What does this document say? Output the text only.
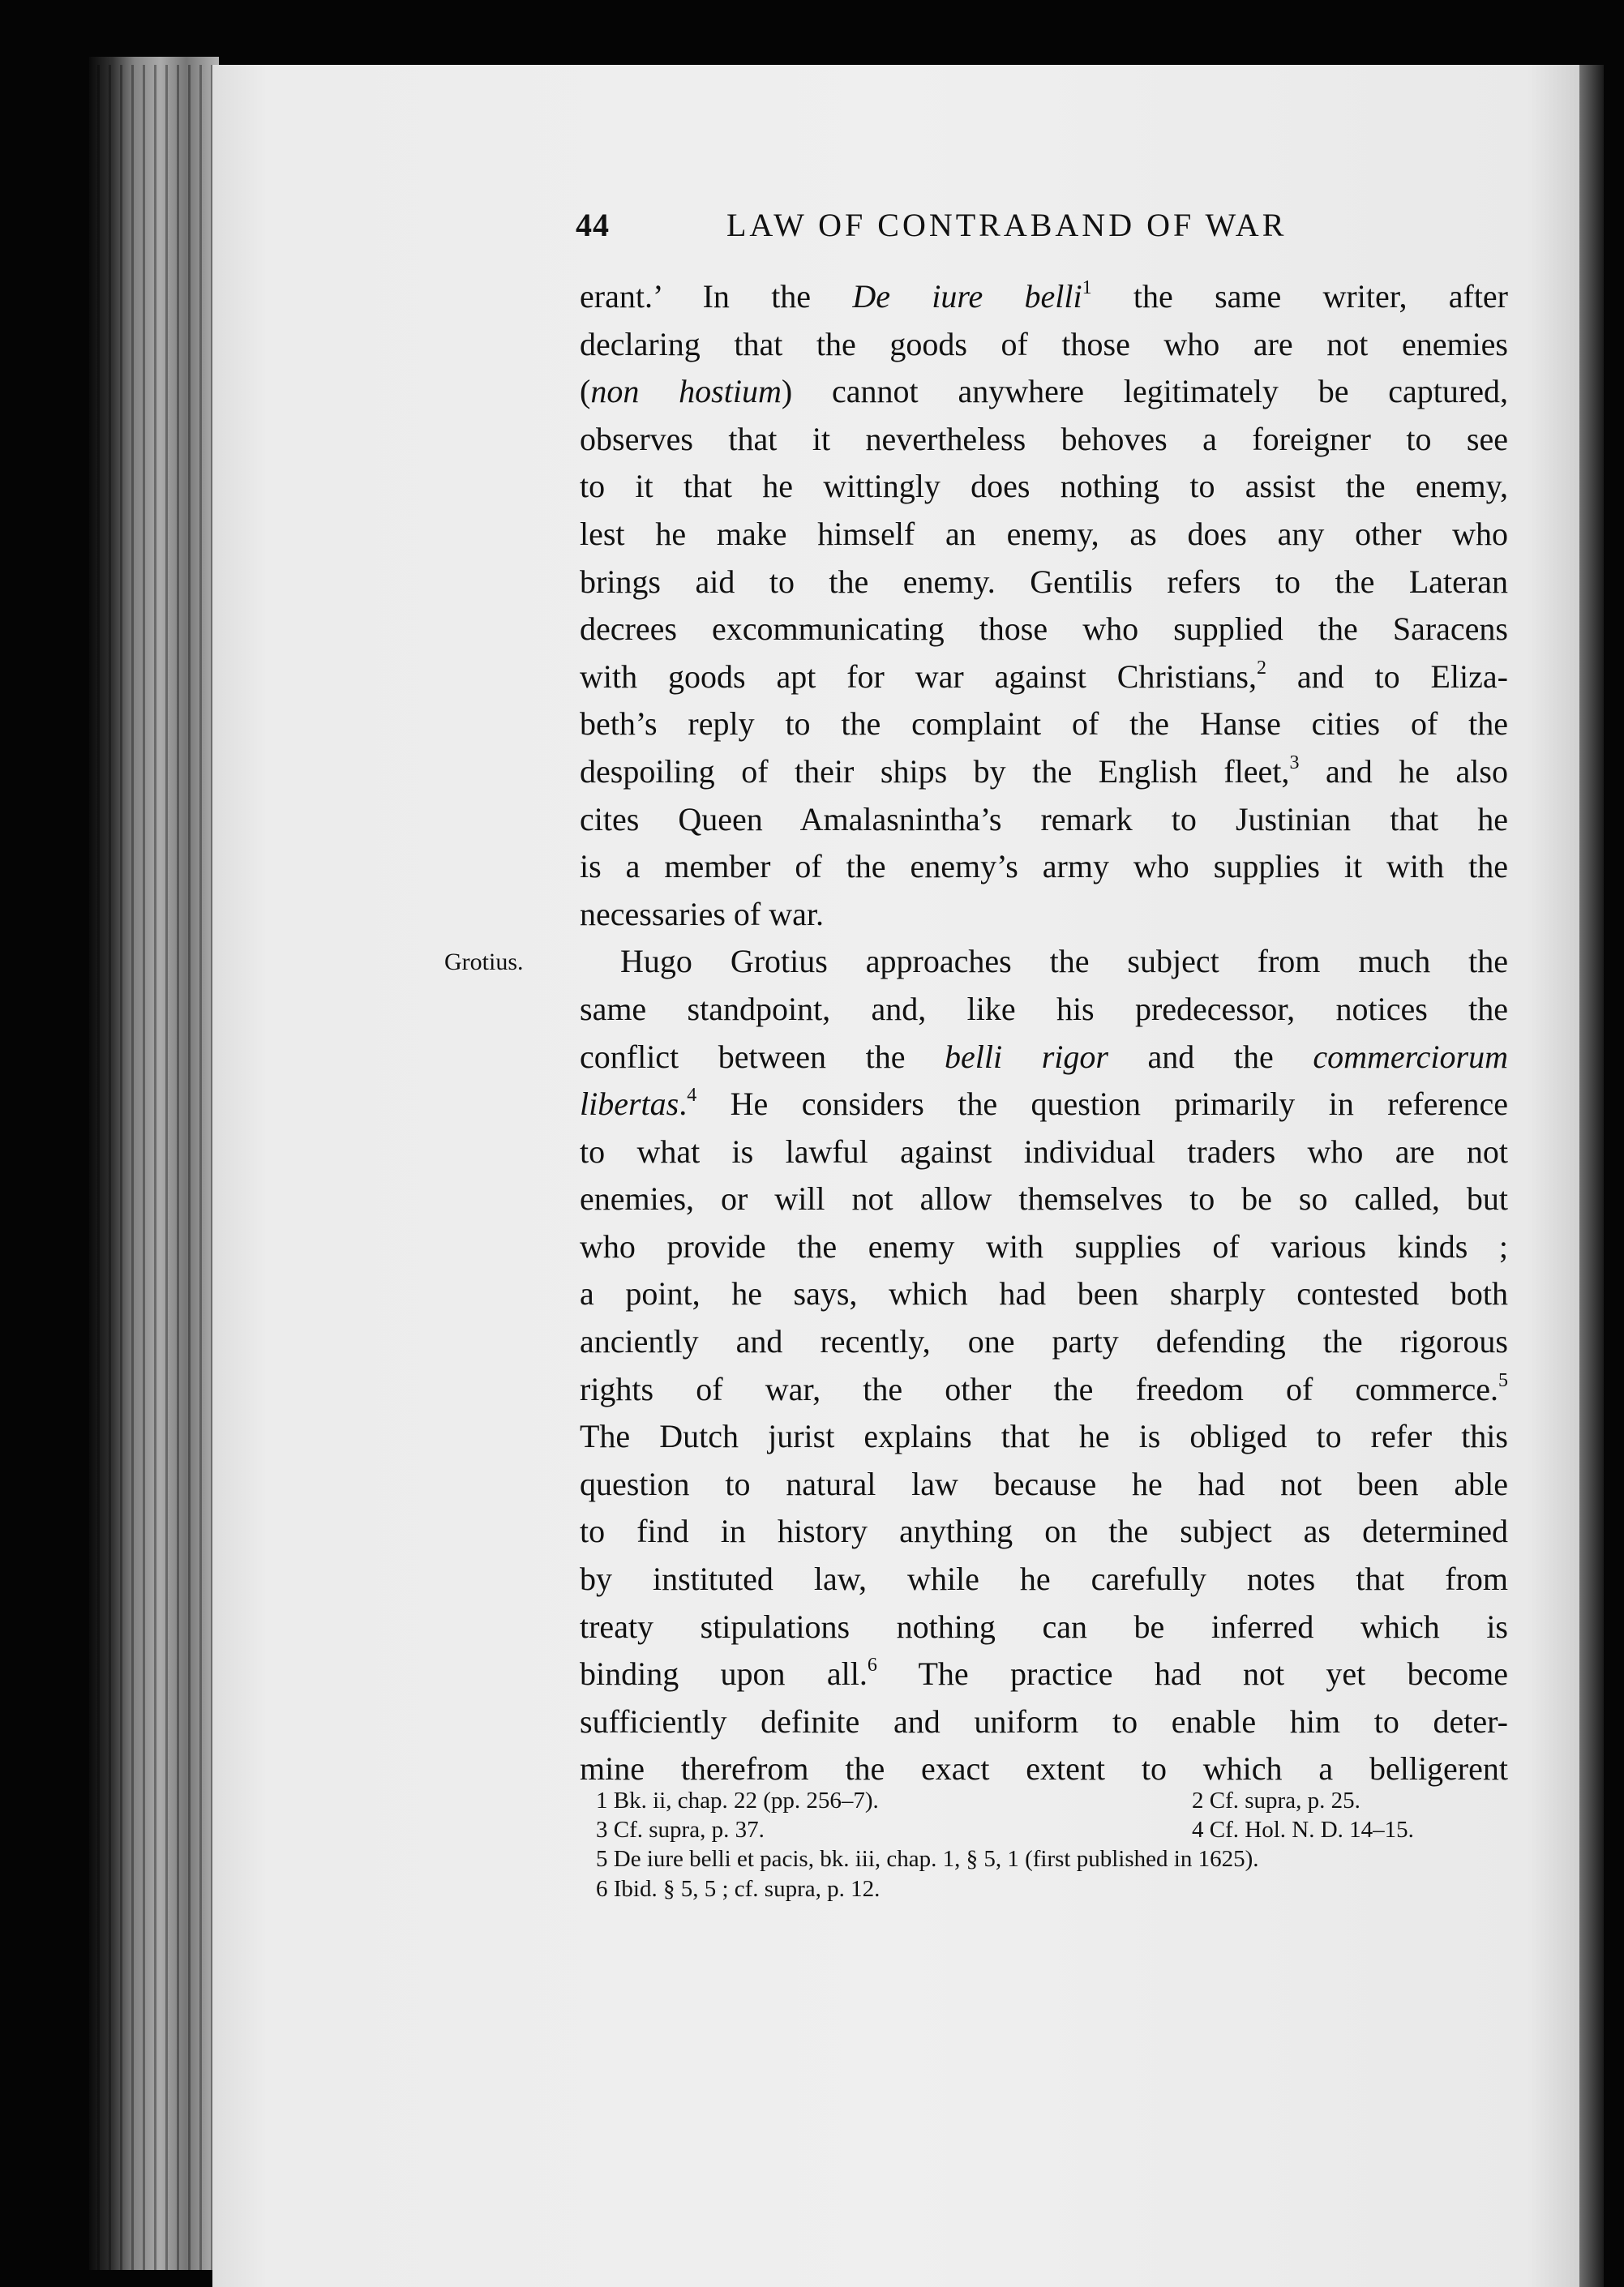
44	LAW OF CONTRABAND OF WAR
Grotius.
erant.’ In the De iure belli$^1$ the same writer, after
declaring that the goods of those who are not enemies
(non hostium) cannot anywhere legitimately be captured,
observes that it nevertheless behoves a foreigner to see
to it that he wittingly does nothing to assist the enemy,
lest he make himself an enemy, as does any other who
brings aid to the enemy. Gentilis refers to the Lateran
decrees excommunicating those who supplied the Saracens
with goods apt for war against Christians,$^2$ and to Eliza-
beth’s reply to the complaint of the Hanse cities of the
despoiling of their ships by the English fleet,$^3$ and he also
cites Queen Amalasnintha’s remark to Justinian that he
is a member of the enemy’s army who supplies it with the
necessaries of war.
Hugo Grotius approaches the subject from much the
same standpoint, and, like his predecessor, notices the
conflict between the belli rigor and the commerciorum
libertas.$^4$ He considers the question primarily in reference
to what is lawful against individual traders who are not
enemies, or will not allow themselves to be so called, but
who provide the enemy with supplies of various kinds ;
a point, he says, which had been sharply contested both
anciently and recently, one party defending the rigorous
rights of war, the other the freedom of commerce.$^5$
The Dutch jurist explains that he is obliged to refer this
question to natural law because he had not been able
to find in history anything on the subject as determined
by instituted law, while he carefully notes that from
treaty stipulations nothing can be inferred which is
binding upon all.$^6$ The practice had not yet become
sufficiently definite and uniform to enable him to deter-
mine therefrom the exact extent to which a belligerent
1 Bk. ii, chap. 22 (pp. 256–7).	2 Cf. supra, p. 25.
3 Cf. supra, p. 37.	4 Cf. Hol. N. D. 14–15.
5 De iure belli et pacis, bk. iii, chap. 1, § 5, 1 (first published in 1625).
6 Ibid. § 5, 5 ; cf. supra, p. 12.
